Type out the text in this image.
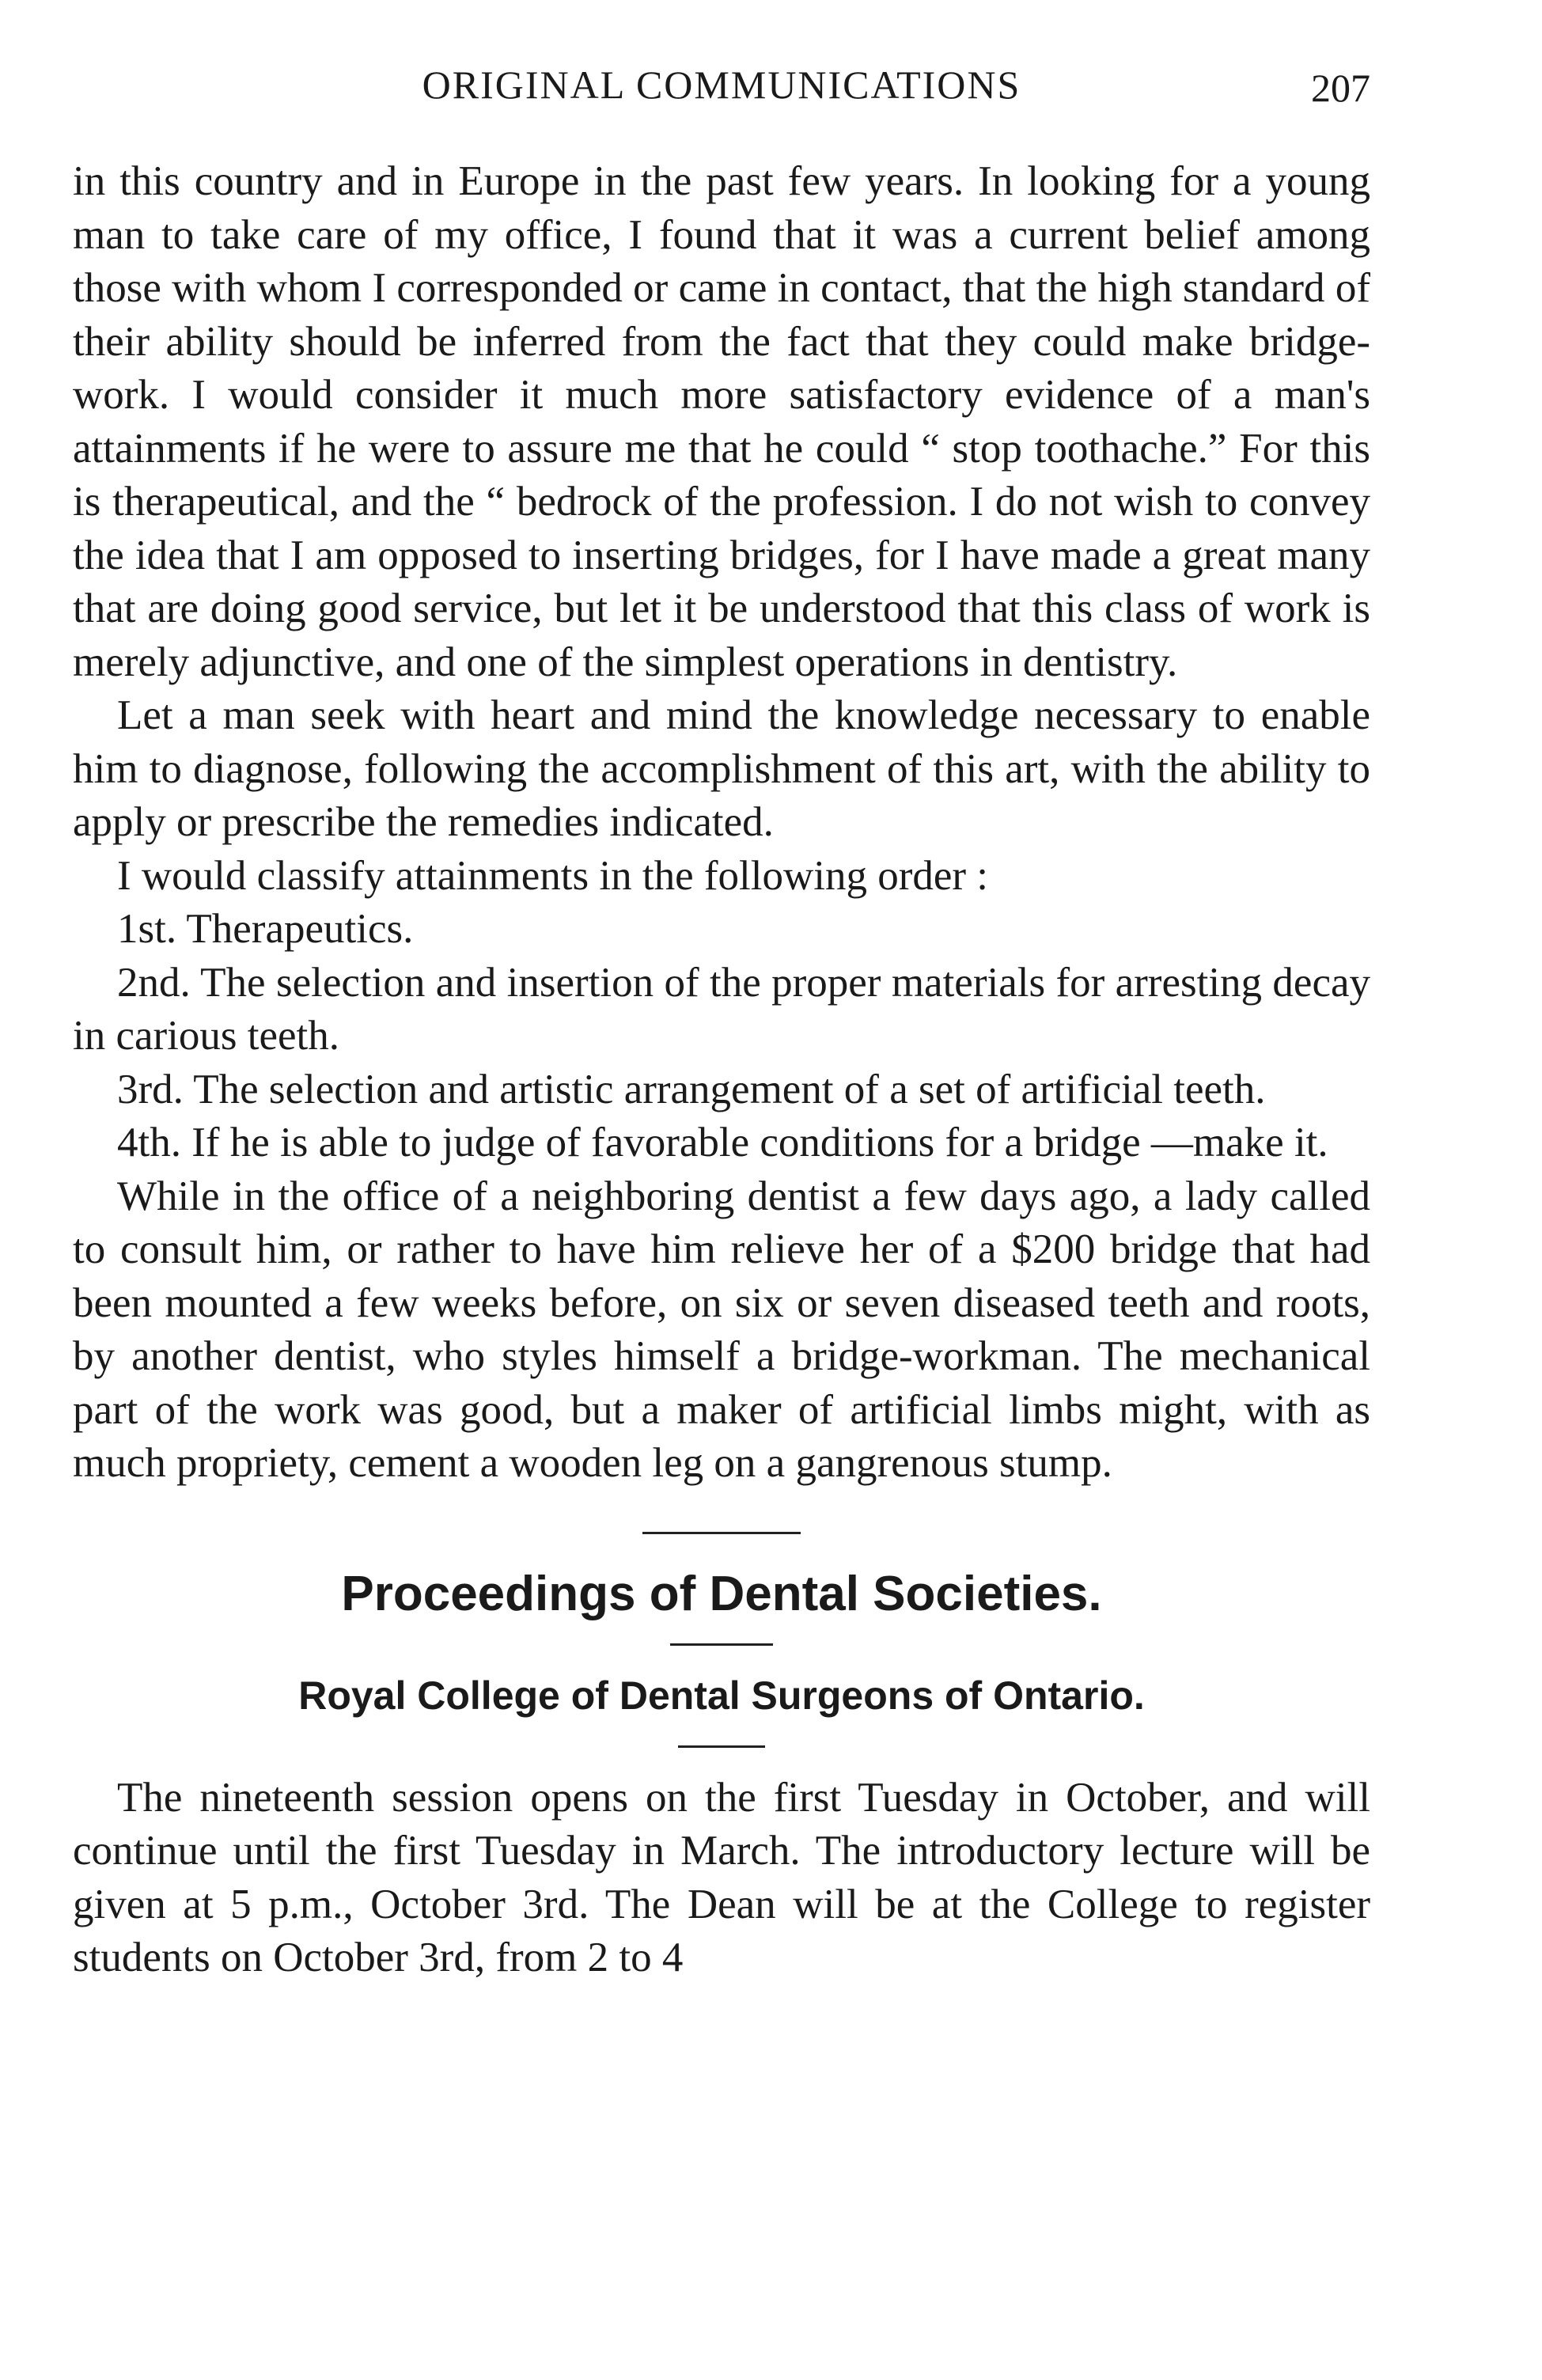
ORIGINAL COMMUNICATIONS	207

in this country and in Europe in the past few years. In looking for a young man to take care of my office, I found that it was a current belief among those with whom I corresponded or came in contact, that the high standard of their ability should be inferred from the fact that they could make bridge-work. I would consider it much more satisfactory evidence of a man's attainments if he were to assure me that he could “ stop toothache.” For this is therapeutical, and the “ bedrock of the profession. I do not wish to convey the idea that I am opposed to inserting bridges, for I have made a great many that are doing good service, but let it be understood that this class of work is merely adjunctive, and one of the simplest operations in dentistry.

Let a man seek with heart and mind the knowledge necessary to enable him to diagnose, following the accomplishment of this art, with the ability to apply or prescribe the remedies indicated.

I would classify attainments in the following order :

1st. Therapeutics.

2nd. The selection and insertion of the proper materials for arresting decay in carious teeth.

3rd. The selection and artistic arrangement of a set of artificial teeth.

4th. If he is able to judge of favorable conditions for a bridge —make it.

While in the office of a neighboring dentist a few days ago, a lady called to consult him, or rather to have him relieve her of a $200 bridge that had been mounted a few weeks before, on six or seven diseased teeth and roots, by another dentist, who styles himself a bridge-workman. The mechanical part of the work was good, but a maker of artificial limbs might, with as much propriety, cement a wooden leg on a gangrenous stump.

Proceedings of Dental Societies.
Royal College of Dental Surgeons of Ontario.

The nineteenth session opens on the first Tuesday in October, and will continue until the first Tuesday in March. The introductory lecture will be given at 5 p.m., October 3rd. The Dean will be at the College to register students on October 3rd, from 2 to 4
